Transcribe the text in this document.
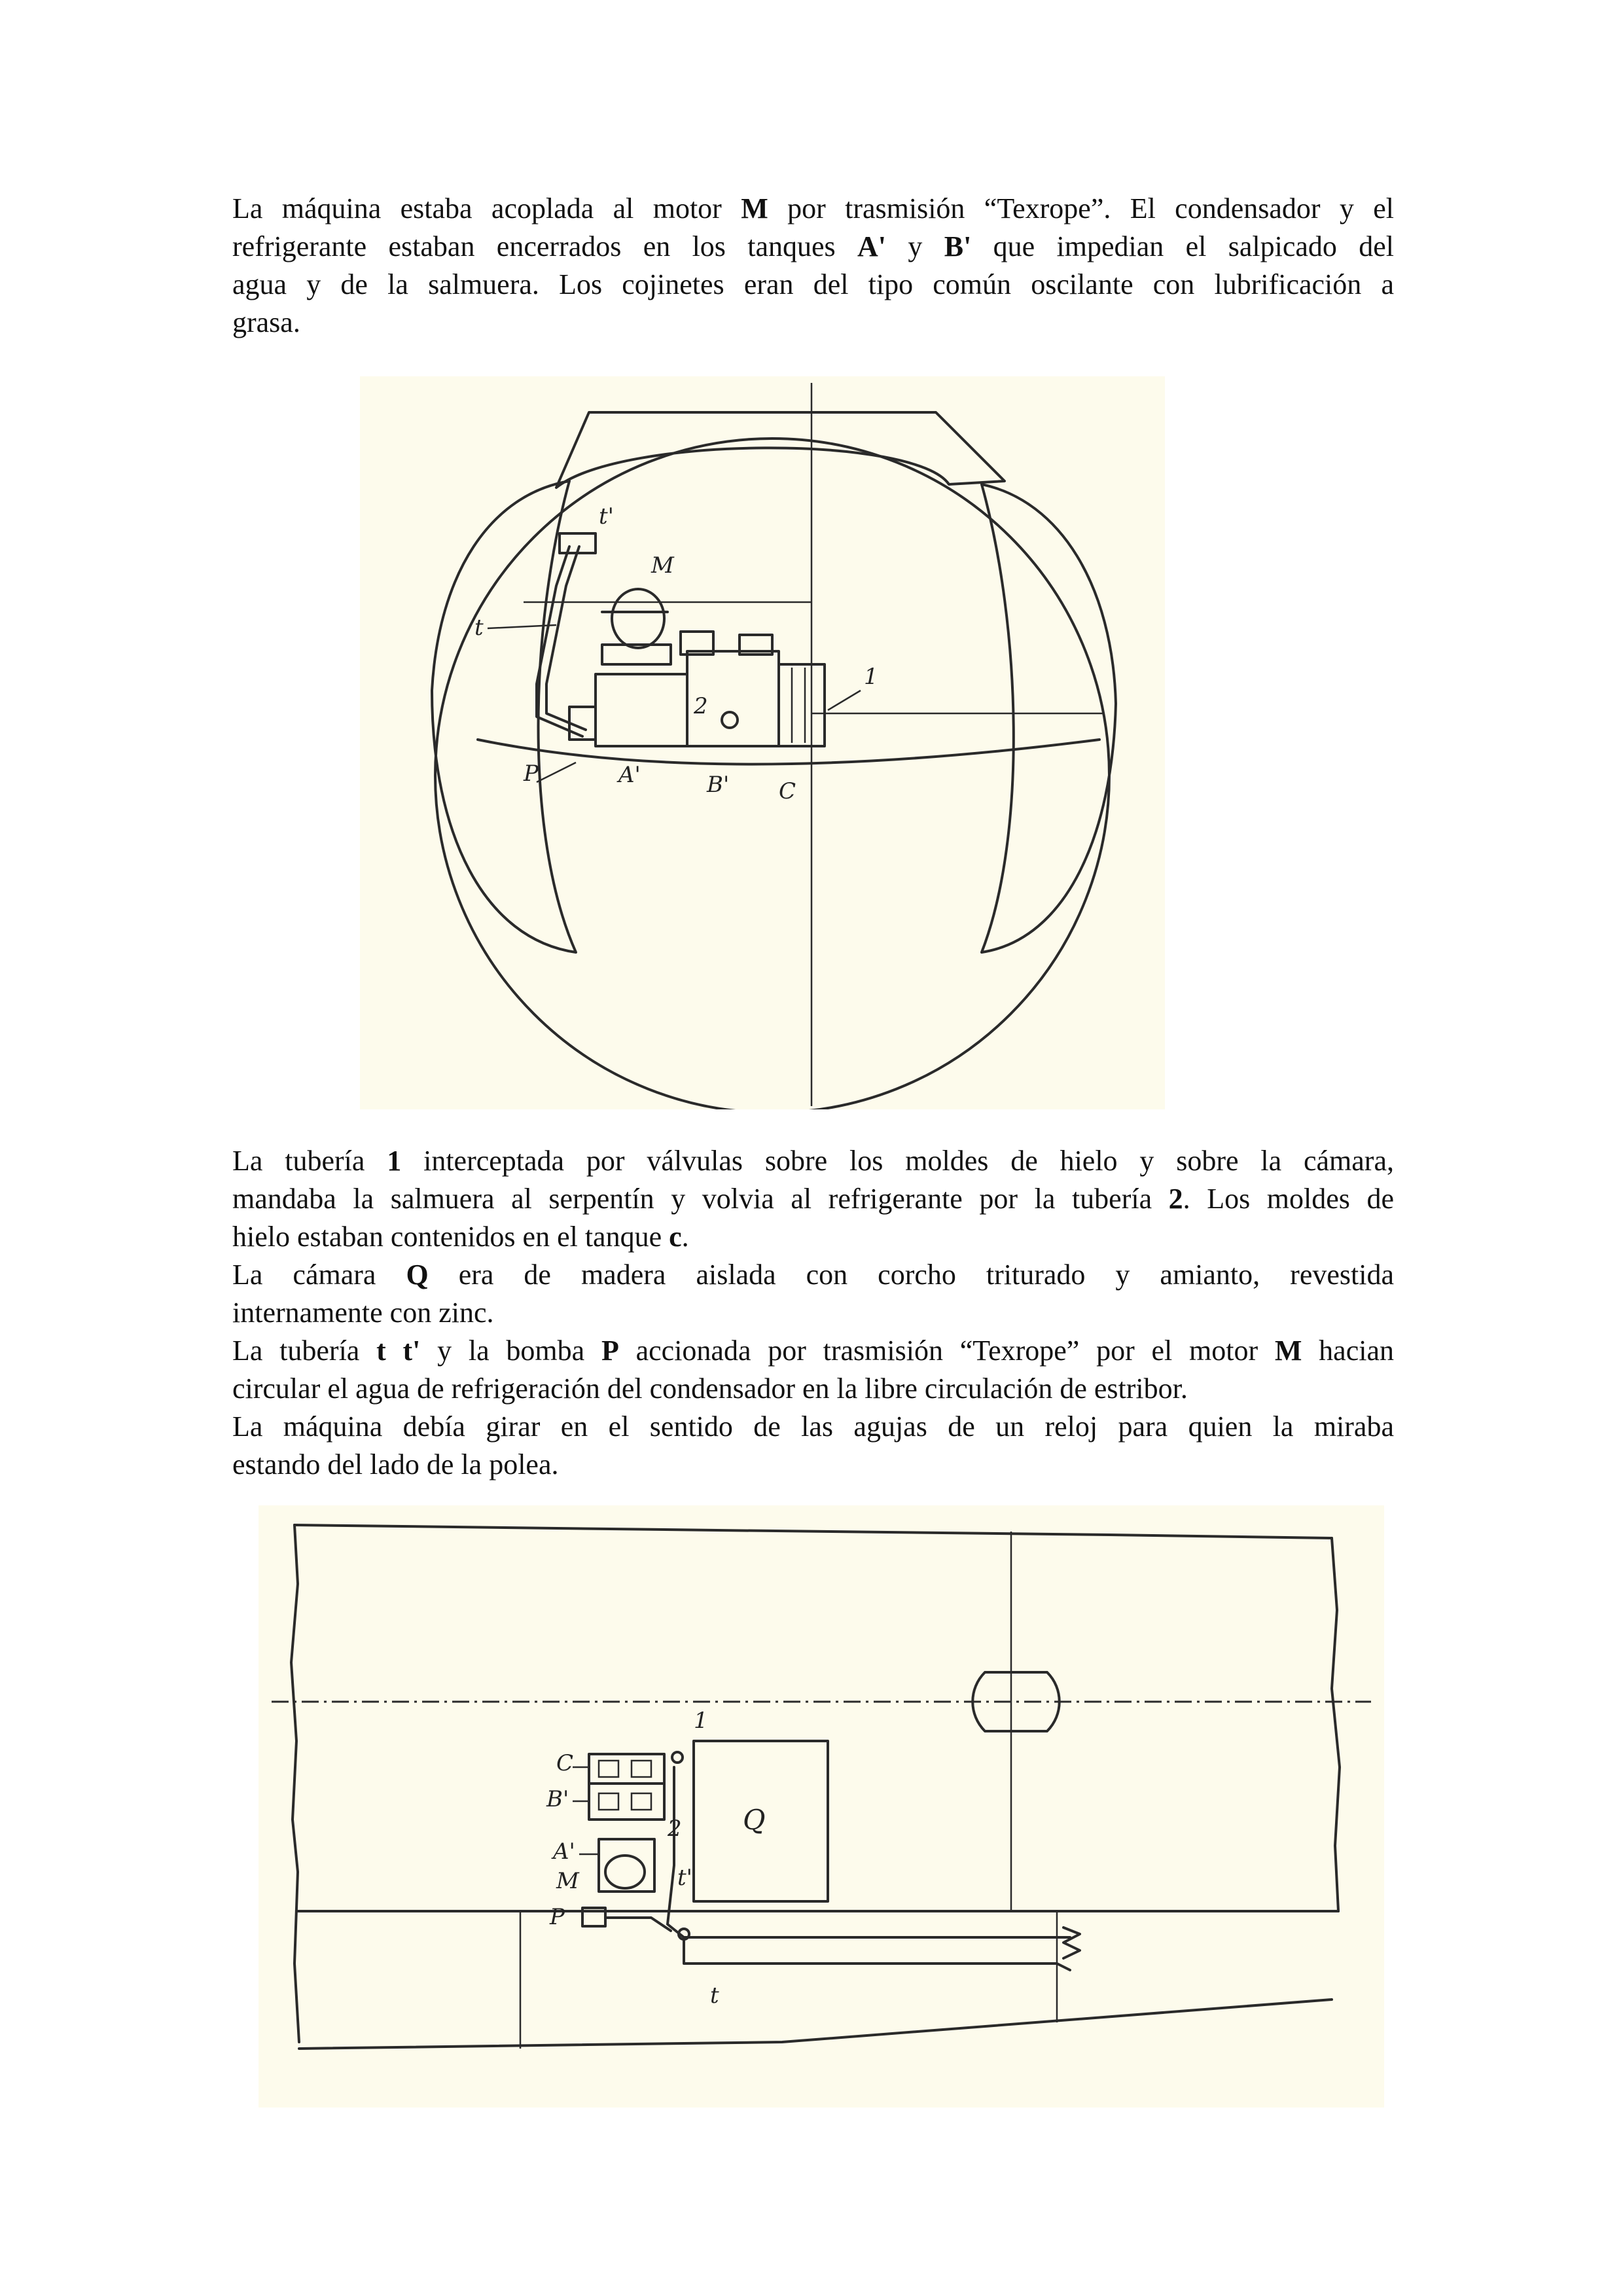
La máquina estaba acoplada al motor M por trasmisión “Texrope”. El condensador y el
refrigerante estaban encerrados en los tanques A' y B' que impedian el salpicado del
agua y de la salmuera. Los cojinetes eran del tipo común oscilante con lubrificación a
grasa.

t'
M
t
1
2
P	A'	B' C

La tubería 1 interceptada por válvulas sobre los moldes de hielo y sobre la cámara,
mandaba la salmuera al serpentín y volvia al refrigerante por la tubería 2. Los moldes de
hielo estaban contenidos en el tanque c.

La cámara Q era de madera aislada con corcho triturado y amianto, revestida
internamente con zinc.

La tubería t t' y la bomba P accionada por trasmisión “Texrope” por el motor M hacian
circular el agua de refrigeración del condensador en la libre circulación de estribor.

La máquina debía girar en el sentido de las agujas de un reloj para quien la miraba
estando del lado de la polea.

1
C
B'
2 Q
A'
M	t'
P
t
